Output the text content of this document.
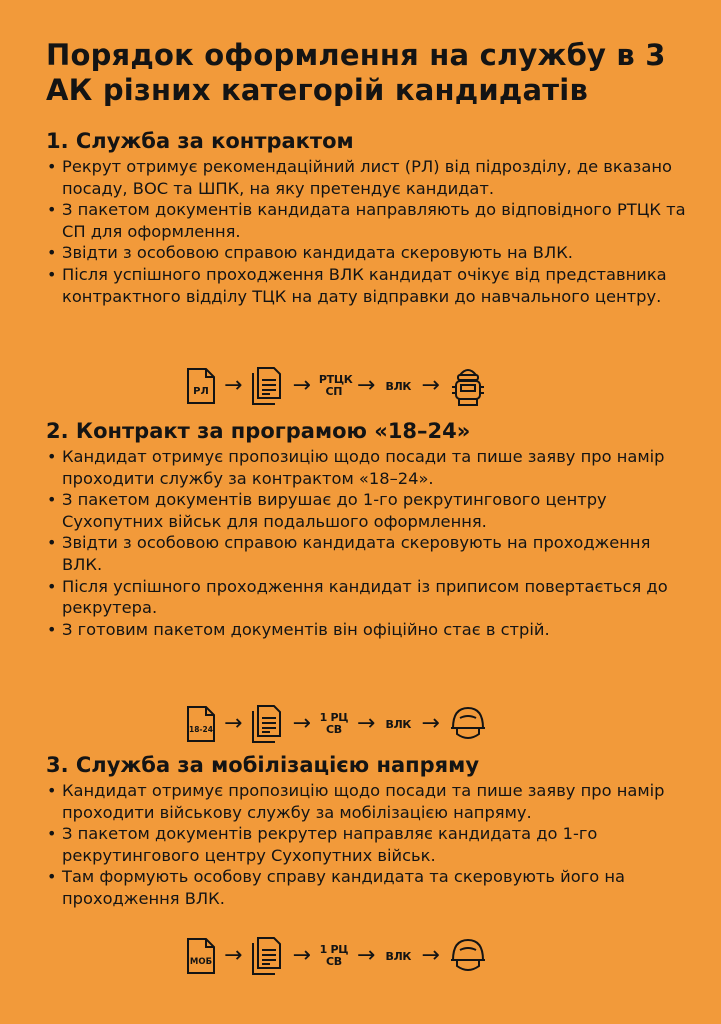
Порядок оформлення на службу в 3 АК різних категорій кандидатів
1. Служба за контрактом
• Рекрут отримує рекомендаційний лист (РЛ) від підрозділу, де вказано посаду, ВОС та ШПК, на яку претендує кандидат.
• З пакетом документів кандидата направляють до відповідного РТЦК та СП для оформлення.
• Звідти з особовою справою кандидата скеровують на ВЛК.
• Після успішного проходження ВЛК кандидат очікує від представника контрактного відділу ТЦК на дату відправки до навчального центру.
РЛ → → РТЦК
СП → ВЛК →
2. Контракт за програмою «18–24»
• Кандидат отримує пропозицію щодо посади та пише заяву про намір проходити службу за контрактом «18–24».
• З пакетом документів вирушає до 1-го рекрутингового центру Сухопутних військ для подальшого оформлення.
• Звідти з особовою справою кандидата скеровують на проходження ВЛК.
• Після успішного проходження кандидат із приписом повертається до рекрутера.
• З готовим пакетом документів він офіційно стає в стрій.
18-24 → → 1 РЦ
СВ → ВЛК →
3. Служба за мобілізацією напряму
• Кандидат отримує пропозицію щодо посади та пише заяву про намір проходити військову службу за мобілізацією напряму.
• З пакетом документів рекрутер направляє кандидата до 1-го рекрутингового центру Сухопутних військ.
• Там формують особову справу кандидата та скеровують його на проходження ВЛК.
МОБ → → 1 РЦ
СВ → ВЛК →
